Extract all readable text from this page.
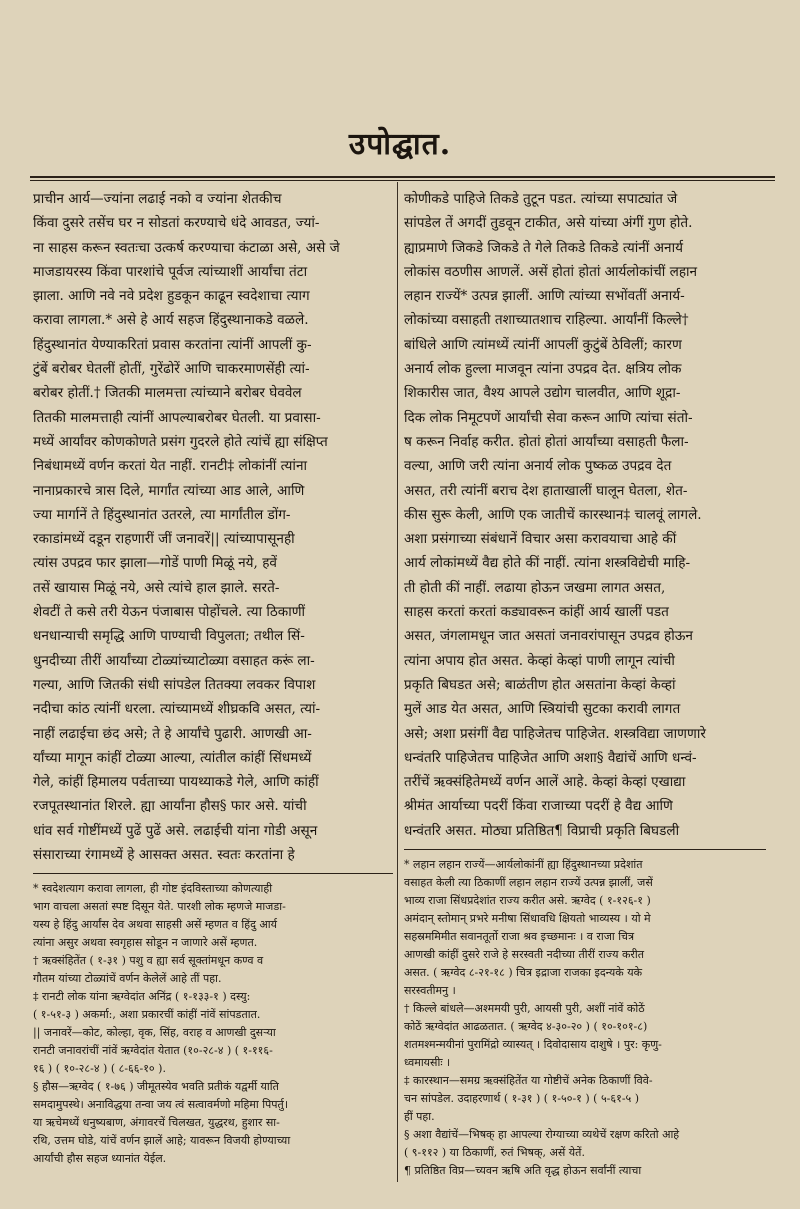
उपोद्घात.
प्राचीन आर्य—ज्यांना लढाई नको व ज्यांना शेतकीच
किंवा दुसरे तसेंच घर न सोडतां करण्याचे धंदे आवडत, ज्यां-
ना साहस करून स्वतःचा उत्कर्ष करण्याचा कंटाळा असे, असे जे
माजडायरस्य किंवा पारशांचे पूर्वज त्यांच्याशीं आर्यांचा तंटा
झाला. आणि नवे नवे प्रदेश हुडकून काढून स्वदेशाचा त्याग
करावा लागला.* असे हे आर्य सहज हिंदुस्थानाकडे वळले.
हिंदुस्थानांत येण्याकरितां प्रवास करतांना त्यांनीं आपलीं कु-
टुंबें बरोबर घेतलीं होतीं, गुरेंढोरें आणि चाकरमाणसेंही त्यां-
बरोबर होतीं.† जितकी मालमत्ता त्यांच्याने बरोबर घेववेल
तितकी मालमत्ताही त्यांनीं आपल्याबरोबर घेतली. या प्रवासा-
मध्यें आर्यांवर कोणकोणते प्रसंग गुदरले होते त्यांचें ह्या संक्षिप्त
निबंधामध्यें वर्णन करतां येत नाहीं. रानटी‡ लोकांनीं त्यांना
नानाप्रकारचे त्रास दिले, मार्गांत त्यांच्या आड आले, आणि
ज्या मार्गानें ते हिंदुस्थानांत उतरले, त्या मार्गांतील डोंग-
रकाडांमध्यें दडून राहणारीं जीं जनावरें|| त्यांच्यापासूनही
त्यांस उपद्रव फार झाला—गोडें पाणी मिळूं नये, हवें
तसें खायास मिळूं नये, असे त्यांचे हाल झाले. सरते-
शेवटीं ते कसे तरी येऊन पंजाबास पोहोंचले. त्या ठिकाणीं
धनधान्याची समृद्धि आणि पाण्याची विपुलता; तथील सिं-
धुनदीच्या तीरीं आर्यांच्या टोळ्यांच्याटोळ्या वसाहत करूं ला-
गल्या, आणि जितकी संधी सांपडेल तितक्या लवकर विपाश
नदीचा कांठ त्यांनीं धरला. त्यांच्यामध्यें शीघ्रकवि असत, त्यां-
नाहीं लढाईचा छंद असे; ते हे आर्यांचे पुढारी. आणखी आ-
र्यांच्या मागून कांहीं टोळ्या आल्या, त्यांतील कांहीं सिंधमध्यें
गेले, कांहीं हिमालय पर्वताच्या पायथ्याकडे गेले, आणि कांहीं
रजपूतस्थानांत शिरले. ह्या आर्यांना हौस§ फार असे. यांची
धांव सर्व गोष्टींमध्यें पुढें पुढें असे. लढाईची यांना गोडी असून
संसाराच्या रंगामध्यें हे आसक्त असत. स्वतः करतांना हे
* स्वदेशत्याग करावा लागला, ही गोष्ट इंदविस्ताच्या कोणत्याही
भाग वाचला असतां स्पष्ट दिसून येते. पारशी लोक म्हणजे माजडा-
यस्य हे हिंदु आर्यांस देव अथवा साहसी असें म्हणत व हिंदु आर्य
त्यांना असुर अथवा स्वगृहास सोडून न जाणारे असें म्हणत.
† ऋक्संहितेंत ( १-३१ ) पशु व ह्या सर्व सूक्तांमधून कण्व व
गौतम यांच्या टोळ्यांचें वर्णन केलेलें आहे तीं पहा.
‡ रानटी लोक यांना ऋग्वेदांत अनिंद्र ( १-१३३-१ ) दस्यु:
( १-५१-३ ) अकर्मा:, अशा प्रकारचीं कांहीं नांवें सांपडतात.
|| जनावरें—कोट, कोल्हा, वृक, सिंह, वराह व आणखी दुसऱ्या
रानटी जनावरांचीं नांवें ऋग्वेदांत येतात (१०-२८-४ ) ( १-११६-
१६ ) ( १०-२८-४ ) ( ८-६६-१० ).
§ हौस—ऋग्वेद ( १-७६ ) जीमूतस्येव भवति प्रतीकं यद्वर्मी याति
समदामुपस्थे। अनाविद्धया तन्वा जय त्वं सत्वावर्मणो महिमा पिपर्तु।
या ऋचेमध्यें धनुष्यबाण, अंगावरचें चिलखत, युद्धरथ, हुशार सा-
रथि, उत्तम घोडे, यांचें वर्णन झालें आहे; यावरून विजयी होण्याच्या
आर्यांची हौस सहज ध्यानांत येईल.
कोणीकडे पाहिजे तिकडे तुटून पडत. त्यांच्या सपाट्यांत जे
सांपडेल तें अगदीं तुडवून टाकीत, असे यांच्या अंगीं गुण होते.
ह्याप्रमाणे जिकडे जिकडे ते गेले तिकडे तिकडे त्यांनीं अनार्य
लोकांस वठणीस आणलें. असें होतां होतां आर्यलोकांचीं लहान
लहान राज्यें* उत्पन्न झालीं. आणि त्यांच्या सभोंवतीं अनार्य-
लोकांच्या वसाहती तशाच्यातशाच राहिल्या. आर्यांनीं किल्ले†
बांधिले आणि त्यांमध्यें त्यांनीं आपलीं कुटुंबें ठेविलीं; कारण
अनार्य लोक हुल्ला माजवून त्यांना उपद्रव देत. क्षत्रिय लोक
शिकारीस जात, वैश्य आपले उद्योग चालवीत, आणि शूद्रा-
दिक लोक निमूटपणें आर्यांची सेवा करून आणि त्यांचा संतो-
ष करून निर्वाह करीत. होतां होतां आर्यांच्या वसाहती फैला-
वल्या, आणि जरी त्यांना अनार्य लोक पुष्कळ उपद्रव देत
असत, तरी त्यांनीं बराच देश हाताखालीं घालून घेतला, शेत-
कीस सुरू केली, आणि एक जातीचें कारस्थान‡ चालवूं लागले.
अशा प्रसंगाच्या संबंधानें विचार असा करावयाचा आहे कीं
आर्य लोकांमध्यें वैद्य होते कीं नाहीं. त्यांना शस्त्रविद्येची माहि-
ती होती कीं नाहीं. लढाया होऊन जखमा लागत असत,
साहस करतां करतां कड्यावरून कांहीं आर्य खालीं पडत
असत, जंगलामधून जात असतां जनावरांपासून उपद्रव होऊन
त्यांना अपाय होत असत. केव्हां केव्हां पाणी लागून त्यांची
प्रकृति बिघडत असे; बाळंतीण होत असतांना केव्हां केव्हां
मुलें आड येत असत, आणि स्त्रियांची सुटका करावी लागत
असे; अशा प्रसंगीं वैद्य पाहिजेतच पाहिजेत. शस्त्रविद्या जाणणारे
धन्वंतरि पाहिजेतच पाहिजेत आणि अशा§ वैद्यांचें आणि धन्वं-
तरींचें ऋक्संहितेमध्यें वर्णन आलें आहे. केव्हां केव्हां एखाद्या
श्रीमंत आर्याच्या पदरीं किंवा राजाच्या पदरीं हे वैद्य आणि
धन्वंतरि असत. मोठ्या प्रतिष्ठित¶ विप्राची प्रकृति बिघडली
* लहान लहान राज्यें—आर्यलोकांनीं ह्या हिंदुस्थानच्या प्रदेशांत
वसाहत केली त्या ठिकाणीं लहान लहान राज्यें उत्पन्न झालीं, जसें
भाव्य राजा सिंधप्रदेशांत राज्य करीत असे. ऋग्वेद ( १-१२६-१ )
अमंदान् स्तोमान् प्रभरे मनीषा सिंधावधि क्षियतो भाव्यस्य । यो मे
सहस्रममिमीत सवानतूर्तो राजा श्रव इच्छमानः । व राजा चित्र
आणखी कांहीं दुसरे राजे हे सरस्वती नदीच्या तीरीं राज्य करीत
असत. ( ऋग्वेद ८-२१-१८ ) चित्र इद्राजा राजका इदन्यके यके
सरस्वतीमनु ।
† किल्ले बांधले—अश्ममयी पुरी, आयसी पुरी, अशीं नांवें कोठें
कोठें ऋग्वेदांत आढळतात. ( ऋग्वेद ४-३०-२० ) ( १०-१०१-८)
शतमश्मन्मयीनां पुरामिंद्रो व्यास्यत् । दिवोदासाय दाशुषे । पुर: कृणु-
ध्वमायसीः ।
‡ कारस्थान—समग्र ऋक्संहितेंत या गोष्टीचें अनेक ठिकाणीं विवे-
चन सांपडेल. उदाहरणार्थ ( १-३१ ) ( १-५०-१ ) ( ५-६१-५ )
हीं पहा.
§ अशा वैद्यांचें—भिषक् हा आपल्या रोग्याच्या व्यथेचें रक्षण करितो आहे
( ९-११२ ) या ठिकाणीं, रुतं भिषक्, असें येतें.
¶ प्रतिष्ठित विप्र—च्यवन ऋषि अति वृद्ध होऊन सर्वांनीं त्याचा
